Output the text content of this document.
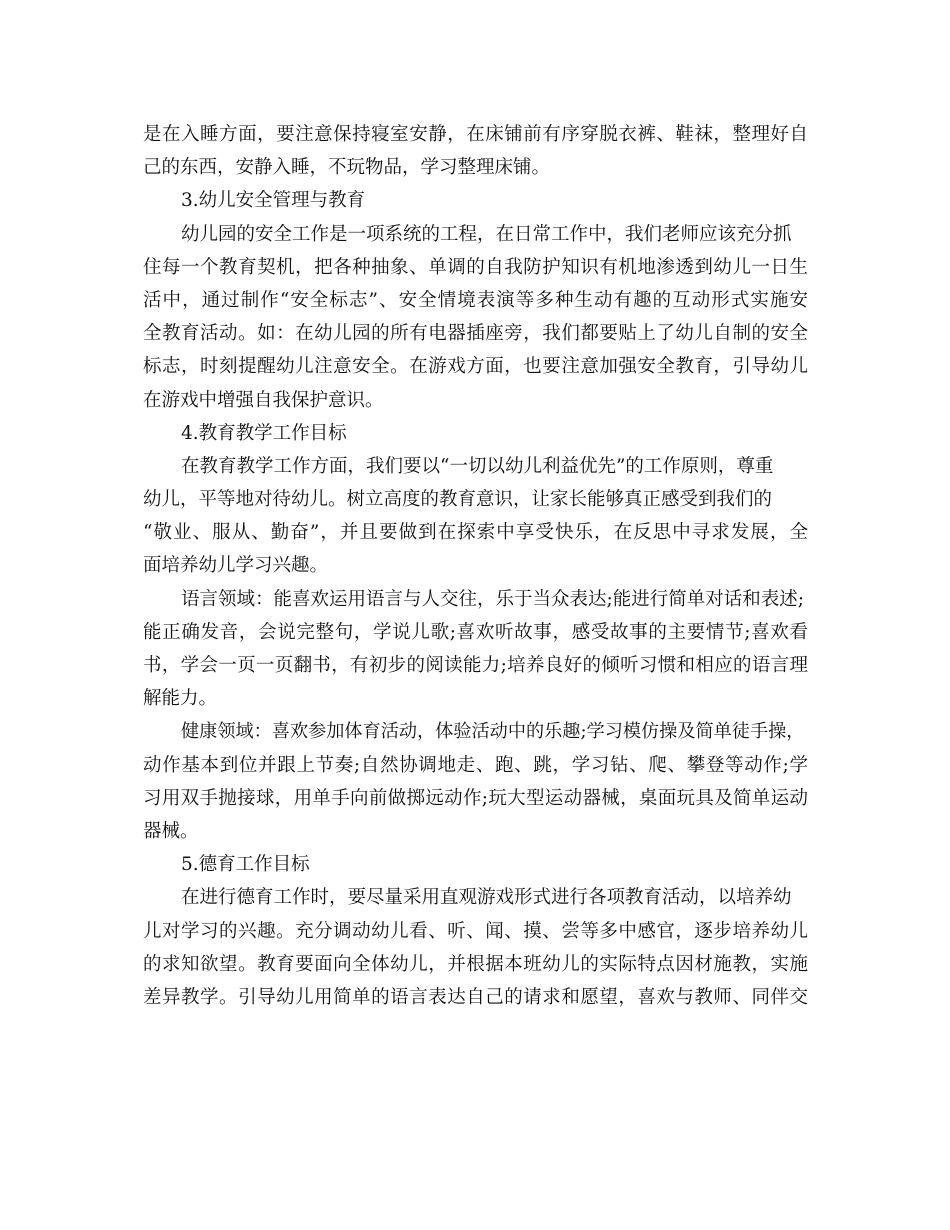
是在入睡方面，要注意保持寝室安静，在床铺前有序穿脱衣裤、鞋袜，整理好自
己的东西，安静入睡，不玩物品，学习整理床铺。
3.幼儿安全管理与教育
幼儿园的安全工作是一项系统的工程，在日常工作中，我们老师应该充分抓
住每一个教育契机，把各种抽象、单调的自我防护知识有机地渗透到幼儿一日生
活中，通过制作“安全标志”、安全情境表演等多种生动有趣的互动形式实施安
全教育活动。如：在幼儿园的所有电器插座旁，我们都要贴上了幼儿自制的安全
标志，时刻提醒幼儿注意安全。在游戏方面，也要注意加强安全教育，引导幼儿
在游戏中增强自我保护意识。
4.教育教学工作目标
在教育教学工作方面，我们要以“一切以幼儿利益优先”的工作原则，尊重
幼儿，平等地对待幼儿。树立高度的教育意识，让家长能够真正感受到我们的
“敬业、服从、勤奋”，并且要做到在探索中享受快乐，在反思中寻求发展，全
面培养幼儿学习兴趣。
语言领域：能喜欢运用语言与人交往，乐于当众表达;能进行简单对话和表述;
能正确发音，会说完整句，学说儿歌;喜欢听故事，感受故事的主要情节;喜欢看
书，学会一页一页翻书，有初步的阅读能力;培养良好的倾听习惯和相应的语言理
解能力。
健康领域：喜欢参加体育活动，体验活动中的乐趣;学习模仿操及简单徒手操，
动作基本到位并跟上节奏;自然协调地走、跑、跳，学习钻、爬、攀登等动作;学
习用双手抛接球，用单手向前做掷远动作;玩大型运动器械，桌面玩具及简单运动
器械。
5.德育工作目标
在进行德育工作时，要尽量采用直观游戏形式进行各项教育活动，以培养幼
儿对学习的兴趣。充分调动幼儿看、听、闻、摸、尝等多中感官，逐步培养幼儿
的求知欲望。教育要面向全体幼儿，并根据本班幼儿的实际特点因材施教，实施
差异教学。引导幼儿用简单的语言表达自己的请求和愿望，喜欢与教师、同伴交
